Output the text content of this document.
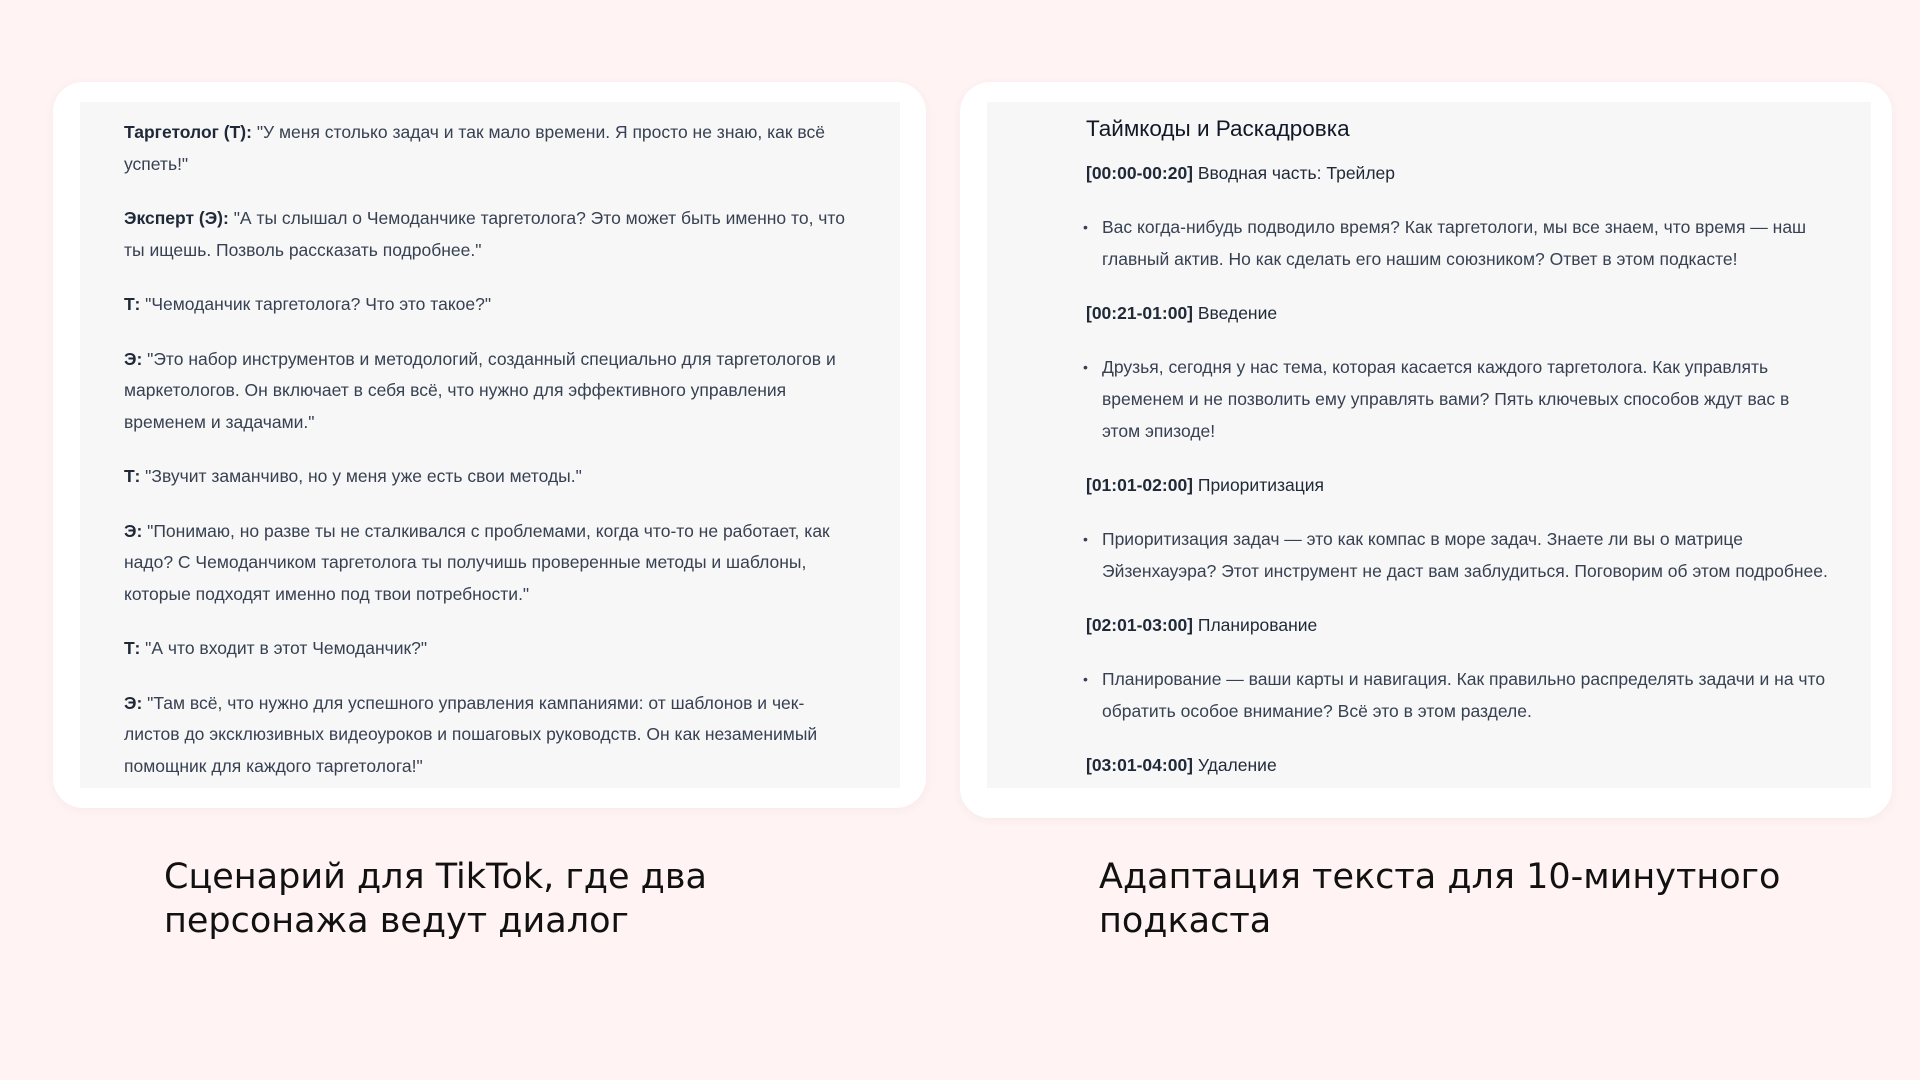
Таргетолог (Т): "У меня столько задач и так мало времени. Я просто не знаю, как всё успеть!"
Эксперт (Э): "А ты слышал о Чемоданчике таргетолога? Это может быть именно то, что ты ищешь. Позволь рассказать подробнее."
Т: "Чемоданчик таргетолога? Что это такое?"
Э: "Это набор инструментов и методологий, созданный специально для таргетологов и маркетологов. Он включает в себя всё, что нужно для эффективного управления временем и задачами."
Т: "Звучит заманчиво, но у меня уже есть свои методы."
Э: "Понимаю, но разве ты не сталкивался с проблемами, когда что-то не работает, как надо? С Чемоданчиком таргетолога ты получишь проверенные методы и шаблоны, которые подходят именно под твои потребности."
Т: "А что входит в этот Чемоданчик?"
Э: "Там всё, что нужно для успешного управления кампаниями: от шаблонов и чек-листов до эксклюзивных видеоуроков и пошаговых руководств. Он как незаменимый помощник для каждого таргетолога!"
Таймкоды и Раскадровка
[00:00-00:20] Вводная часть: Трейлер
• Вас когда-нибудь подводило время? Как таргетологи, мы все знаем, что время — наш главный актив. Но как сделать его нашим союзником? Ответ в этом подкасте!
[00:21-01:00] Введение
• Друзья, сегодня у нас тема, которая касается каждого таргетолога. Как управлять временем и не позволить ему управлять вами? Пять ключевых способов ждут вас в этом эпизоде!
[01:01-02:00] Приоритизация
• Приоритизация задач — это как компас в море задач. Знаете ли вы о матрице Эйзенхауэра? Этот инструмент не даст вам заблудиться. Поговорим об этом подробнее.
[02:01-03:00] Планирование
• Планирование — ваши карты и навигация. Как правильно распределять задачи и на что обратить особое внимание? Всё это в этом разделе.
[03:01-04:00] Удаление
Сценарий для TikTok, где два персонажа ведут диалог
Адаптация текста для 10-минутного подкаста
